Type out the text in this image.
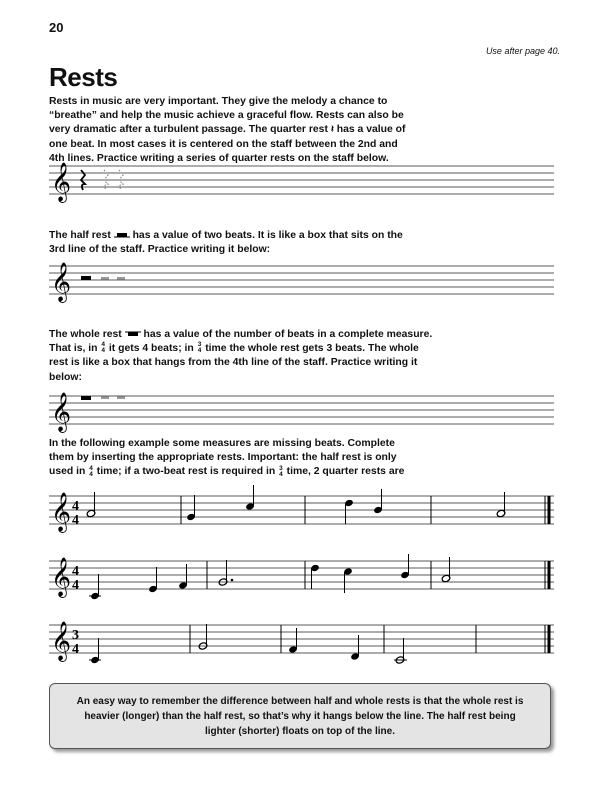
20
Use after page 40.
Rests

Rests in music are very important. They give the melody a chance to “breathe” and help the music achieve a graceful flow. Rests can also be very dramatic after a turbulent passage. The quarter rest 𝄽 has a value of one beat. In most cases it is centered on the staff between the 2nd and 4th lines. Practice writing a series of quarter rests on the staff below.

𝄞

The half rest has a value of two beats. It is like a box that sits on the 3rd line of the staff. Practice writing it below:

𝄞

The whole rest has a value of the number of beats in a complete measure. That is, in 4
4 it gets 4 beats; in 3
4 time the whole rest gets 3 beats. The whole rest is like a box that hangs from the 4th line of the staff. Practice writing it below:

𝄞

In the following example some measures are missing beats. Complete them by inserting the appropriate rests. Important: the half rest is only used in 4
4 time; if a two-beat rest is required in 3
4 time, 2 quarter rests are

𝄞 4
4
𝄞 4
4
𝄞 3
4

An easy way to remember the difference between half and whole rests is that the whole rest is heavier (longer) than the half rest, so that’s why it hangs below the line. The half rest being lighter (shorter) floats on top of the line.
